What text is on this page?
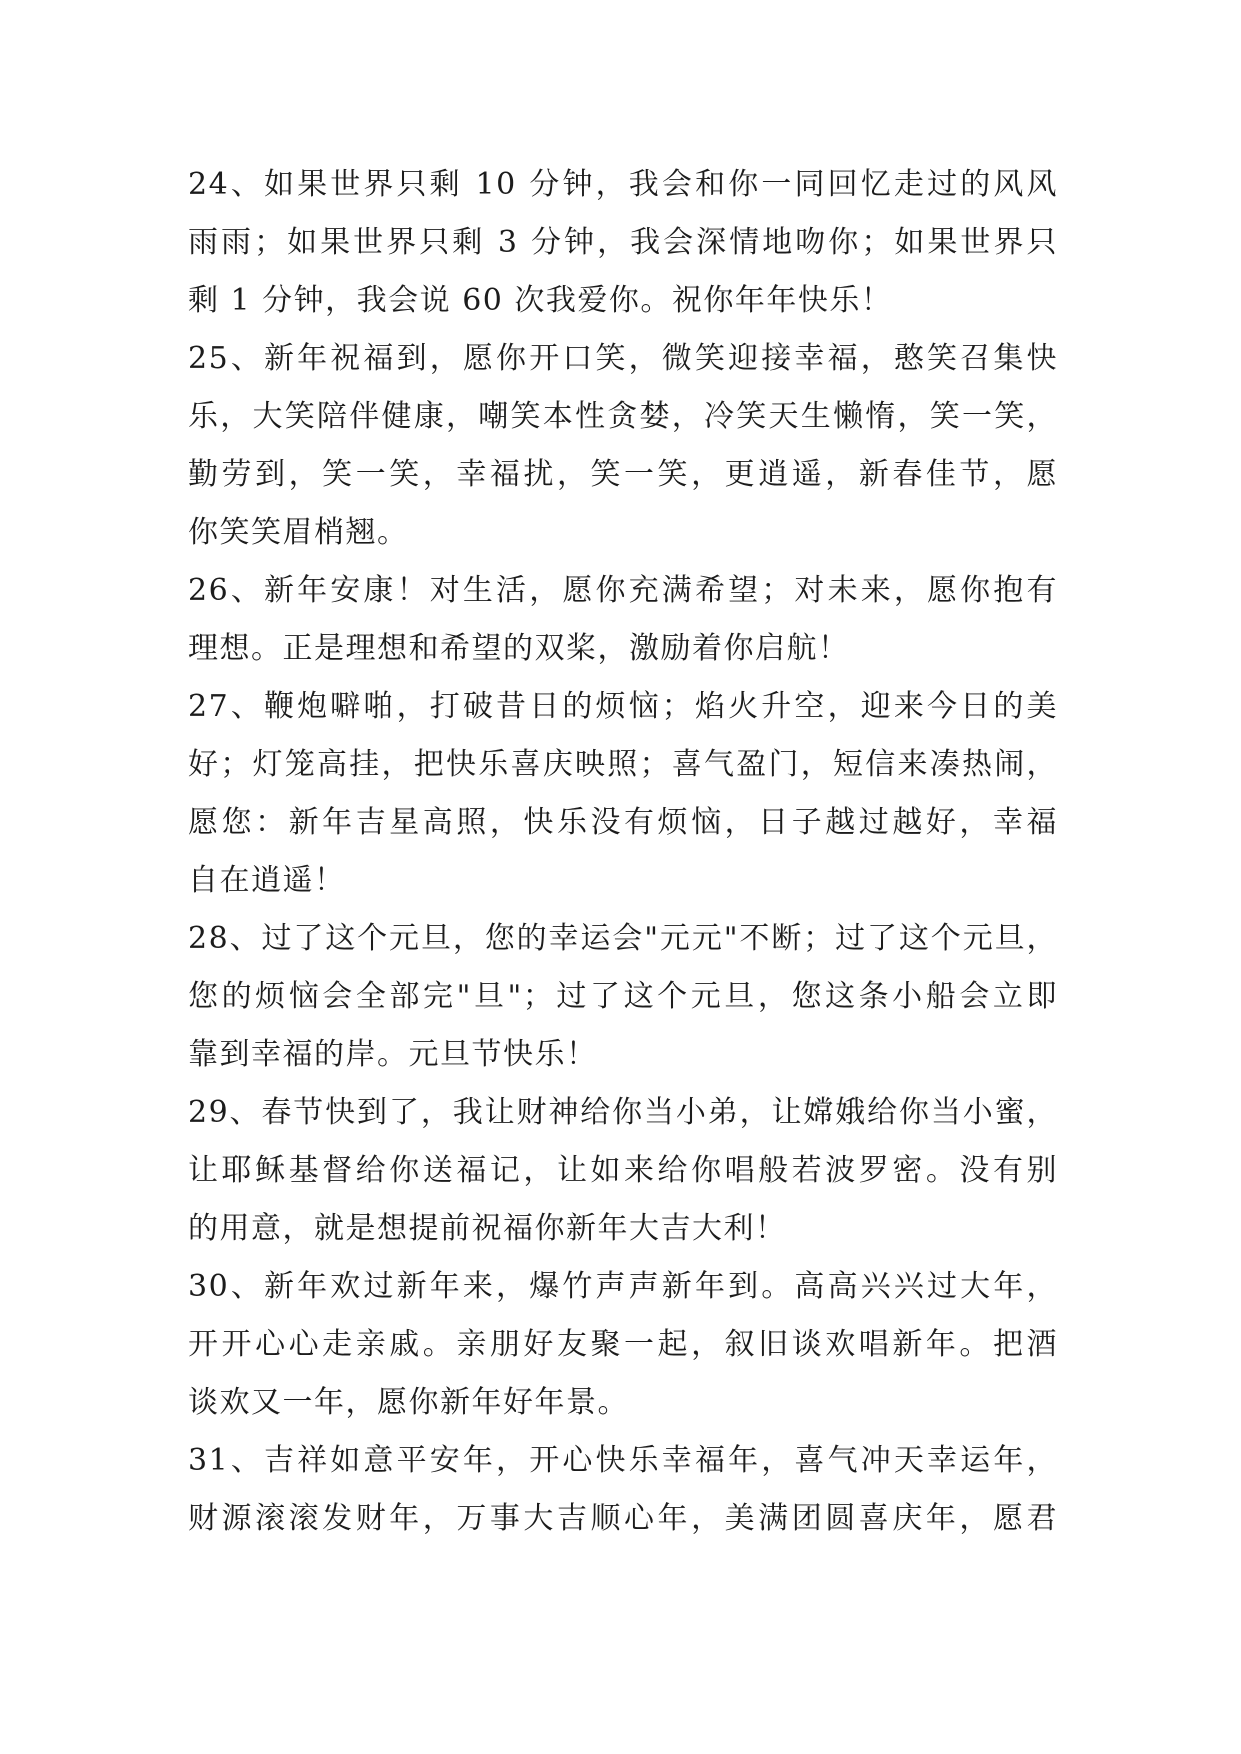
24、如果世界只剩 10 分钟，我会和你一同回忆走过的风风
雨雨；如果世界只剩 3 分钟，我会深情地吻你；如果世界只
剩 1 分钟，我会说 60 次我爱你。祝你年年快乐！
25、新年祝福到，愿你开口笑，微笑迎接幸福，憨笑召集快
乐，大笑陪伴健康，嘲笑本性贪婪，冷笑天生懒惰，笑一笑，
勤劳到，笑一笑，幸福扰，笑一笑，更逍遥，新春佳节，愿
你笑笑眉梢翘。
26、新年安康！对生活，愿你充满希望；对未来，愿你抱有
理想。正是理想和希望的双桨，激励着你启航！
27、鞭炮噼啪，打破昔日的烦恼；焰火升空，迎来今日的美
好；灯笼高挂，把快乐喜庆映照；喜气盈门，短信来凑热闹，
愿您：新年吉星高照，快乐没有烦恼，日子越过越好，幸福
自在逍遥！
28、过了这个元旦，您的幸运会"元元"不断；过了这个元旦，
您的烦恼会全部完"旦"；过了这个元旦，您这条小船会立即
靠到幸福的岸。元旦节快乐！
29、春节快到了，我让财神给你当小弟，让嫦娥给你当小蜜，
让耶稣基督给你送福记，让如来给你唱般若波罗密。没有别
的用意，就是想提前祝福你新年大吉大利！
30、新年欢过新年来，爆竹声声新年到。高高兴兴过大年，
开开心心走亲戚。亲朋好友聚一起，叙旧谈欢唱新年。把酒
谈欢又一年，愿你新年好年景。
31、吉祥如意平安年，开心快乐幸福年，喜气冲天幸运年，
财源滚滚发财年，万事大吉顺心年，美满团圆喜庆年，愿君
